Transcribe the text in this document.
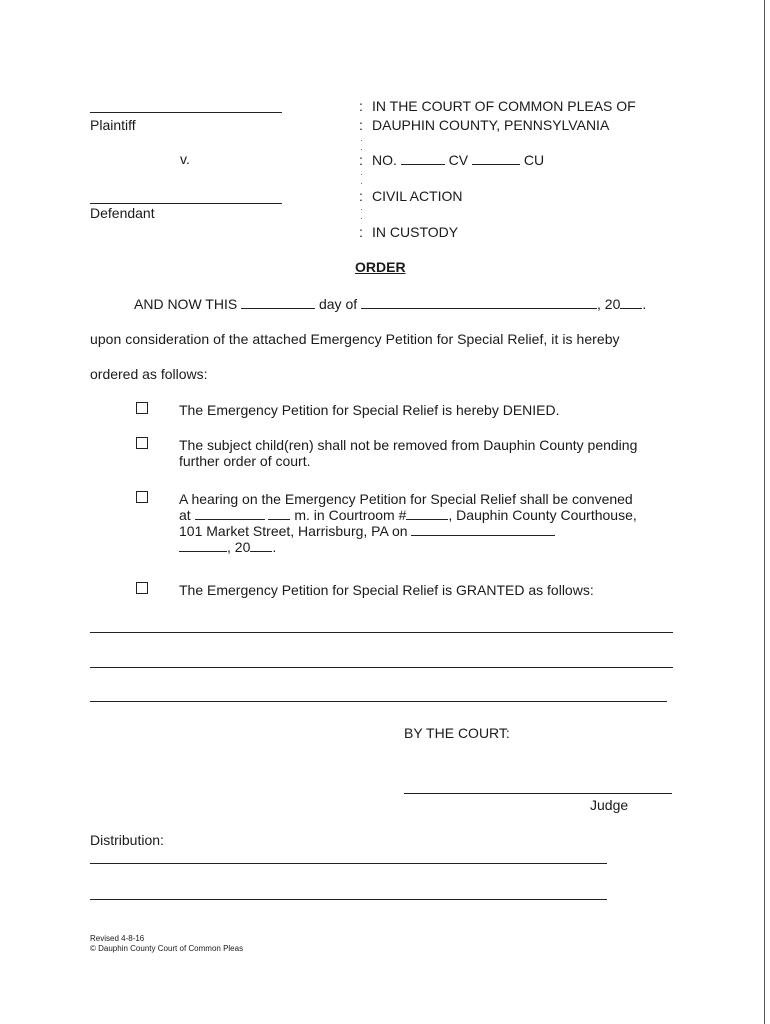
Plaintiff
v.
Defendant
: IN THE COURT OF COMMON PLEAS OF
: DAUPHIN COUNTY, PENNSYLVANIA
·
·
: NO.	CV	CU
·
·
: CIVIL ACTION
·
·
: IN CUSTODY
ORDER
AND NOW THIS	day of	, 20 .
upon consideration of the attached Emergency Petition for Special Relief, it is hereby
ordered as follows:
The Emergency Petition for Special Relief is hereby DENIED.
The subject child(ren) shall not be removed from Dauphin County pending
further order of court.
A hearing on the Emergency Petition for Special Relief shall be convened
at	m. in Courtroom #	, Dauphin County Courthouse,
101 Market Street, Harrisburg, PA on
, 20 .
The Emergency Petition for Special Relief is GRANTED as follows:
BY THE COURT:
Judge
Distribution:
Revised 4-8-16
© Dauphin County Court of Common Pleas
